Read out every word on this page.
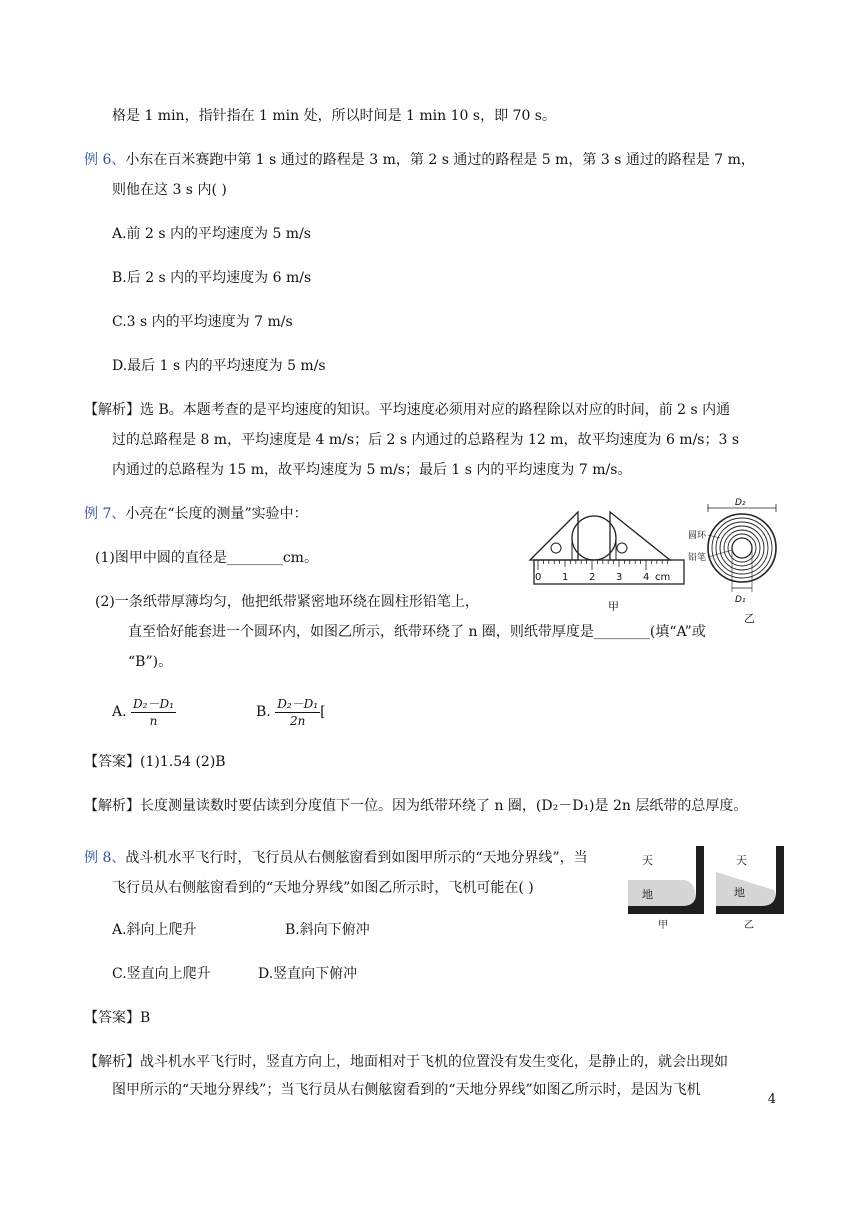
格是 1 min，指针指在 1 min 处，所以时间是 1 min 10 s，即 70 s。
例 6、小东在百米赛跑中第 1 s 通过的路程是 3 m，第 2 s 通过的路程是 5 m，第 3 s 通过的路程是 7 m，
则他在这 3 s 内( )
A.前 2 s 内的平均速度为 5 m/s
B.后 2 s 内的平均速度为 6 m/s
C.3 s 内的平均速度为 7 m/s
D.最后 1 s 内的平均速度为 5 m/s
【解析】选 B。本题考查的是平均速度的知识。平均速度必须用对应的路程除以对应的时间，前 2 s 内通
过的总路程是 8 m，平均速度是 4 m/s；后 2 s 内通过的总路程为 12 m，故平均速度为 6 m/s；3 s
内通过的总路程为 15 m，故平均速度为 5 m/s；最后 1 s 内的平均速度为 7 m/s。
例 7、小亮在“长度的测量”实验中：
(1)图甲中圆的直径是________cm。
(2)一条纸带厚薄均匀，他把纸带紧密地环绕在圆柱形铅笔上，
直至恰好能套进一个圆环内，如图乙所示，纸带环绕了 n 圈，则纸带厚度是________(填“A”或
“B”)。
A. $\frac{\text{D₂－D₁}}{n}$	B. $\frac{\text{D₂－D₁}}{2n}$ [
【答案】(1)1.54 (2)B
【解析】长度测量读数时要估读到分度值下一位。因为纸带环绕了 n 圈，(D₂－D₁)是 2n 层纸带的总厚度。
0 1 2 3 4 cm
甲
D₂
D₁
圆环
铅笔
乙
例 8、战斗机水平飞行时，飞行员从右侧舷窗看到如图甲所示的“天地分界线”，当
飞行员从右侧舷窗看到的“天地分界线”如图乙所示时，飞机可能在( )
A.斜向上爬升	B.斜向下俯冲
C.竖直向上爬升	D.竖直向下俯冲
【答案】B
【解析】战斗机水平飞行时，竖直方向上，地面相对于飞机的位置没有发生变化，是静止的，就会出现如
图甲所示的“天地分界线”；当飞行员从右侧舷窗看到的“天地分界线”如图乙所示时，是因为飞机
天
地
甲
天
地
乙
4
